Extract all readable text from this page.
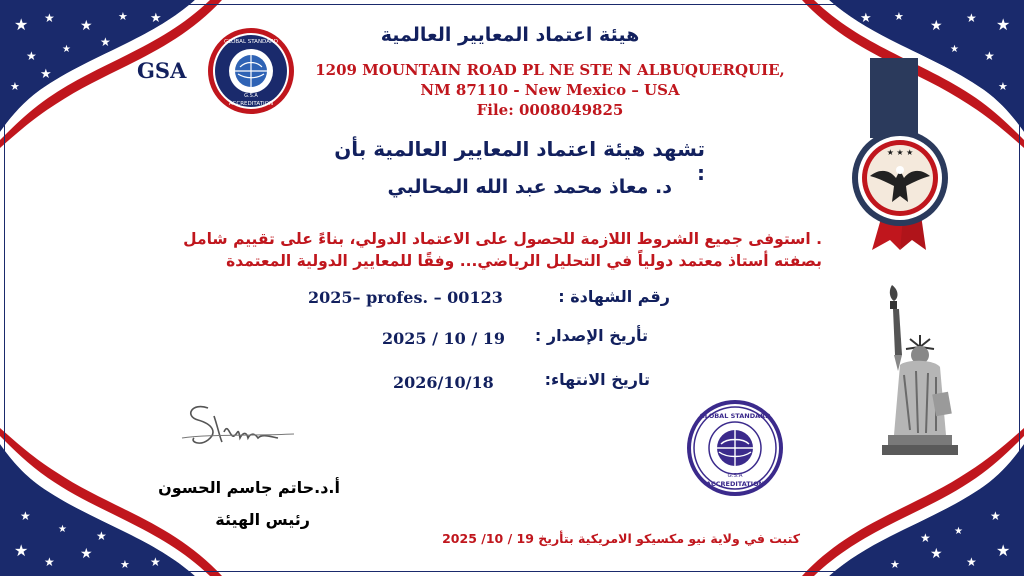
★ ★ ★
★ ★
★	★
★
★
★
★
★
★
★
★
★
★
★
★
★ ★
★
★
★ ★
★
★
★
★
★
★
★
★
هيئة اعتماد المعايير العالمية
GSA
GLOBAL STANDARD
ACCREDITATION
G.S.A
1209 MOUNTAIN ROAD PL NE STE N ALBUQUERQUIE,
NM 87110 - New Mexico – USA
File: 0008049825
★ ★ ★
تشهد هيئة اعتماد المعايير العالمية بأن :
د. معاذ محمد عبد الله المحالبي
. استوفى جميع الشروط اللازمة للحصول على الاعتماد الدولي، بناءً على تقييم شامل
بصفته أستاذ معتمد دولياً في التحليل الرياضي... وفقًا للمعايير الدولية المعتمدة
رقم الشهادة :
2025– profes. – 00123
تأريخ الإصدار :
2025 / 10 / 19
تاريخ الانتهاء:
2026/10/18
أ.د.حاتم جاسم الحسون
رئيس الهيئة
GLOBAL STANDARD
ACCREDITATION
G.S.A
كتبت في ولاية نيو مكسيكو الامريكية بتأريخ 19 / 10/ 2025
